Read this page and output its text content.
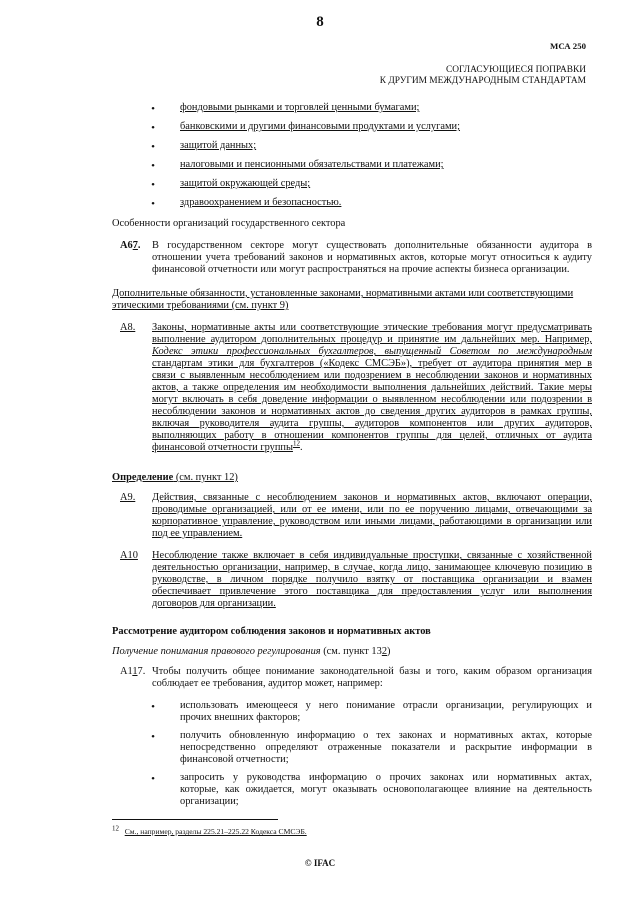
8
МСА 250
СОГЛАСУЮЩИЕСЯ ПОПРАВКИ
К ДРУГИМ МЕЖДУНАРОДНЫМ СТАНДАРТАМ
• фондовыми рынками и торговлей ценными бумагами;
• банковскими и другими финансовыми продуктами и услугами;
• защитой данных;
• налоговыми и пенсионными обязательствами и платежами;
• защитой окружающей среды;
• здравоохранением и безопасностью.
Особенности организаций государственного сектора
A67. В государственном секторе могут существовать дополнительные обязанности аудитора в
отношении учета требований законов и нормативных актов, которые могут относиться к аудиту
финансовой отчетности или могут распространяться на прочие аспекты бизнеса организации.
Дополнительные обязанности, установленные законами, нормативными актами или соответствующими
этическими требованиями (см. пункт 9)
A8. Законы, нормативные акты или соответствующие этические требования могут предусматривать
выполнение аудитором дополнительных процедур и принятие им дальнейших мер. Например,
Кодекс этики профессиональных бухгалтеров, выпущенный Советом по международным
стандартам этики для бухгалтеров («Кодекс СМСЭБ»), требует от аудитора принятия мер в
связи с выявленным несоблюдением или подозрением в несоблюдении законов и нормативных
актов, а также определения им необходимости выполнения дальнейших действий. Такие меры
могут включать в себя доведение информации о выявленном несоблюдении или подозрении в
несоблюдении законов и нормативных актов до сведения других аудиторов в рамках группы,
включая руководителя аудита группы, аудиторов компонентов или других аудиторов,
выполняющих работу в отношении компонентов группы для целей, отличных от аудита
финансовой отчетности группы$^{12}$.
Определение (см. пункт 12)
A9. Действия, связанные с несоблюдением законов и нормативных актов, включают операции,
проводимые организацией, или от ее имени, или по ее поручению лицами, отвечающими за
корпоративное управление, руководством или иными лицами, работающими в организации или
под ее управлением.
A10 Несоблюдение также включает в себя индивидуальные проступки, связанные с хозяйственной
деятельностью организации, например, в случае, когда лицо, занимающее ключевую позицию в
руководстве, в личном порядке получило взятку от поставщика организации и взамен
обеспечивает привлечение этого поставщика для предоставления услуг или выполнения
договоров для организации.
Рассмотрение аудитором соблюдения законов и нормативных актов
Получение понимания правового регулирования (см. пункт 132)
A117. Чтобы получить общее понимание законодательной базы и того, каким образом организация
соблюдает ее требования, аудитор может, например:
• использовать имеющееся у него понимание отрасли организации, регулирующих и
прочих внешних факторов;
• получить обновленную информацию о тех законах и нормативных актах, которые
непосредственно определяют отраженные показатели и раскрытие информации в
финансовой отчетности;
• запросить у руководства информацию о прочих законах или нормативных актах,
которые, как ожидается, могут оказывать основополагающее влияние на деятельность
организации;
$^{12}$ См., например, разделы 225.21–225.22 Кодекса СМСЭБ.
© IFAC
